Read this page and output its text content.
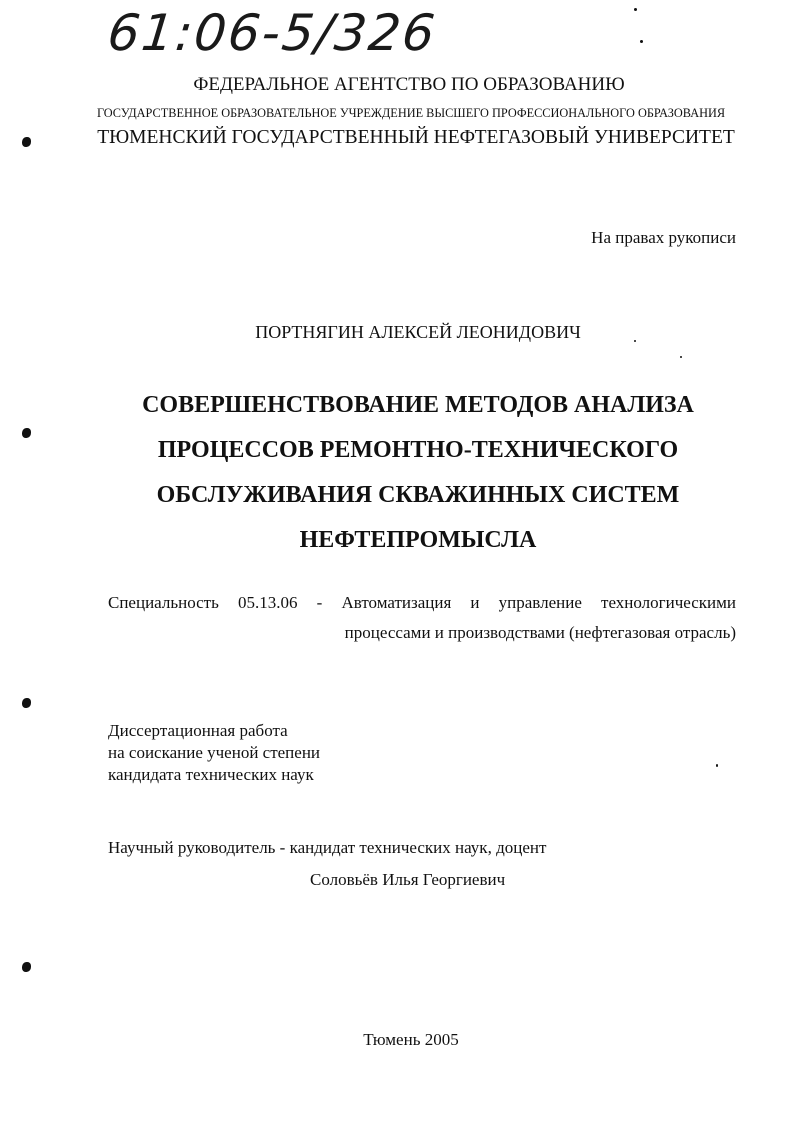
61:06-5/326
ФЕДЕРАЛЬНОЕ АГЕНТСТВО ПО ОБРАЗОВАНИЮ
ГОСУДАРСТВЕННОЕ ОБРАЗОВАТЕЛЬНОЕ УЧРЕЖДЕНИЕ ВЫСШЕГО ПРОФЕССИОНАЛЬНОГО ОБРАЗОВАНИЯ
ТЮМЕНСКИЙ ГОСУДАРСТВЕННЫЙ НЕФТЕГАЗОВЫЙ УНИВЕРСИТЕТ
На правах рукописи
ПОРТНЯГИН АЛЕКСЕЙ ЛЕОНИДОВИЧ
СОВЕРШЕНСТВОВАНИЕ МЕТОДОВ АНАЛИЗА
ПРОЦЕССОВ РЕМОНТНО-ТЕХНИЧЕСКОГО
ОБСЛУЖИВАНИЯ СКВАЖИННЫХ СИСТЕМ
НЕФТЕПРОМЫСЛА
Специальность 05.13.06 - Автоматизация и управление технологическими
процессами и производствами (нефтегазовая отрасль)
Диссертационная работа
на соискание ученой степени
кандидата технических наук
Научный руководитель - кандидат технических наук, доцент
Соловьёв Илья Георгиевич
Тюмень 2005
